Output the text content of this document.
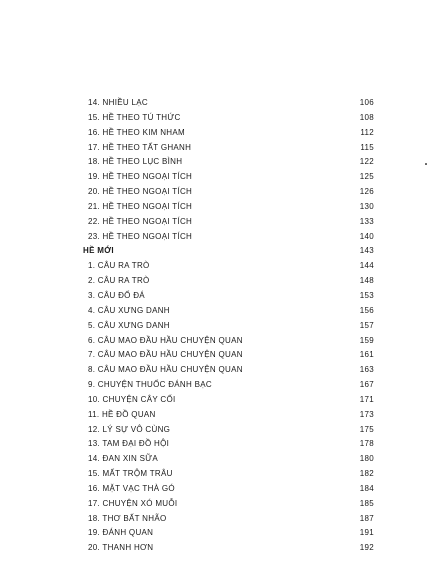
14. NHIỀU LẠC	106
15. HỀ THEO TÚ THỨC	108
16. HỀ THEO KIM NHAM	112
17. HỀ THEO TẤT GHANH	115
18. HỀ THEO LỤC BÌNH	122
19. HỀ THEO NGOẠI TÍCH	125
20. HỀ THEO NGOẠI TÍCH	126
21. HỀ THEO NGOẠI TÍCH	130
22. HỀ THEO NGOẠI TÍCH	133
23. HỀ THEO NGOẠI TÍCH	140
HỀ MỚI	143
1. CÂU RA TRÒ	144
2. CÂU RA TRÒ	148
3. CÂU ĐỐ ĐÁ	153
4. CÂU XƯNG DANH	156
5. CÂU XƯNG DANH	157
6. CÂU MAO ĐẦU HẦU CHUYỆN QUAN	159
7. CÂU MAO ĐẦU HẦU CHUYỆN QUAN	161
8. CÂU MAO ĐẦU HẦU CHUYỆN QUAN	163
9. CHUYỆN THUỐC ĐÁNH BẠC	167
10. CHUYỆN CÂY CỐI	171
11. HỀ ĐỒ QUAN	173
12. LÝ SỰ VÔ CÙNG	175
13. TAM ĐẠI ĐỒ HỘI	178
14. ĐAN XIN SỮA	180
15. MẤT TRỘM TRÂU	182
16. MẶT VẠC THÀ GÓ	184
17. CHUYỆN XÓ MUỖI	185
18. THƠ BẤT NHÃO	187
19. ĐÁNH QUAN	191
20. THANH HƠN	192
